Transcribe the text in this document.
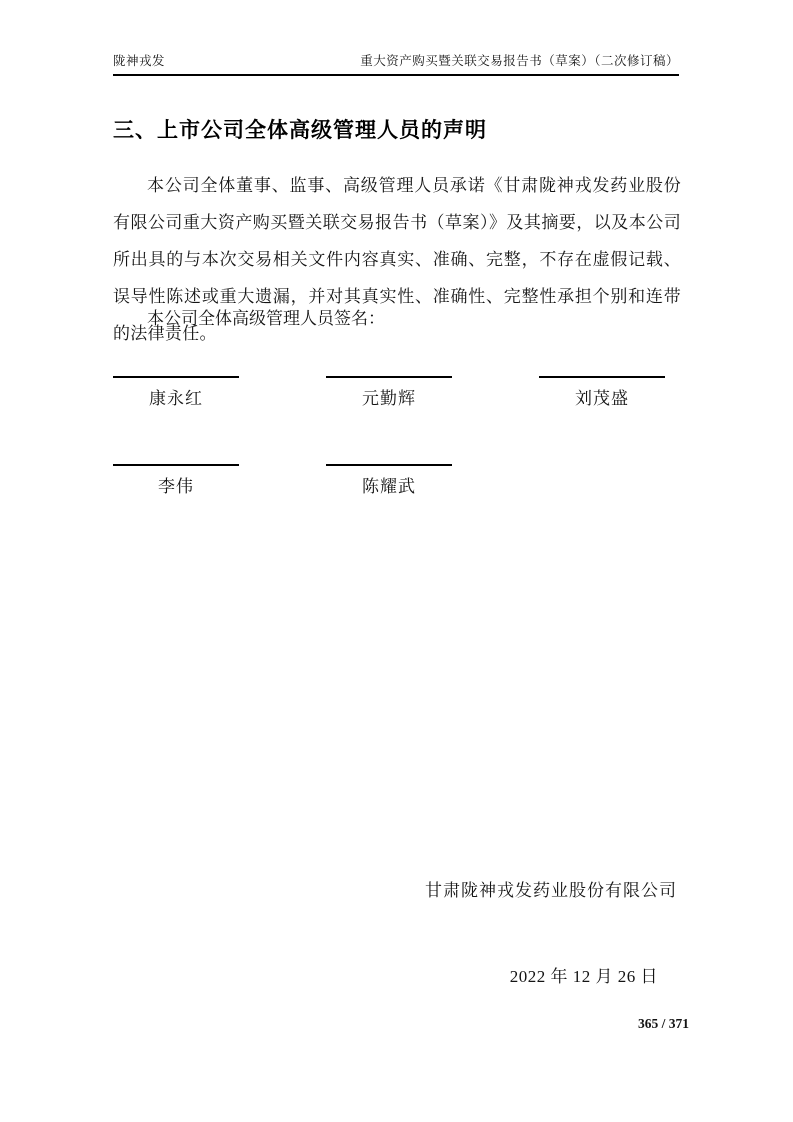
陇神戎发	重大资产购买暨关联交易报告书（草案）（二次修订稿）
三、上市公司全体高级管理人员的声明

本公司全体董事、监事、高级管理人员承诺《甘肃陇神戎发药业股份有限公司重大资产购买暨关联交易报告书（草案）》及其摘要，以及本公司所出具的与本次交易相关文件内容真实、准确、完整，不存在虚假记载、误导性陈述或重大遗漏，并对其真实性、准确性、完整性承担个别和连带的法律责任。

本公司全体高级管理人员签名：

康永红	元勤辉	刘茂盛
李伟	陈耀武
甘肃陇神戎发药业股份有限公司
2022 年 12 月 26 日
365 / 371
